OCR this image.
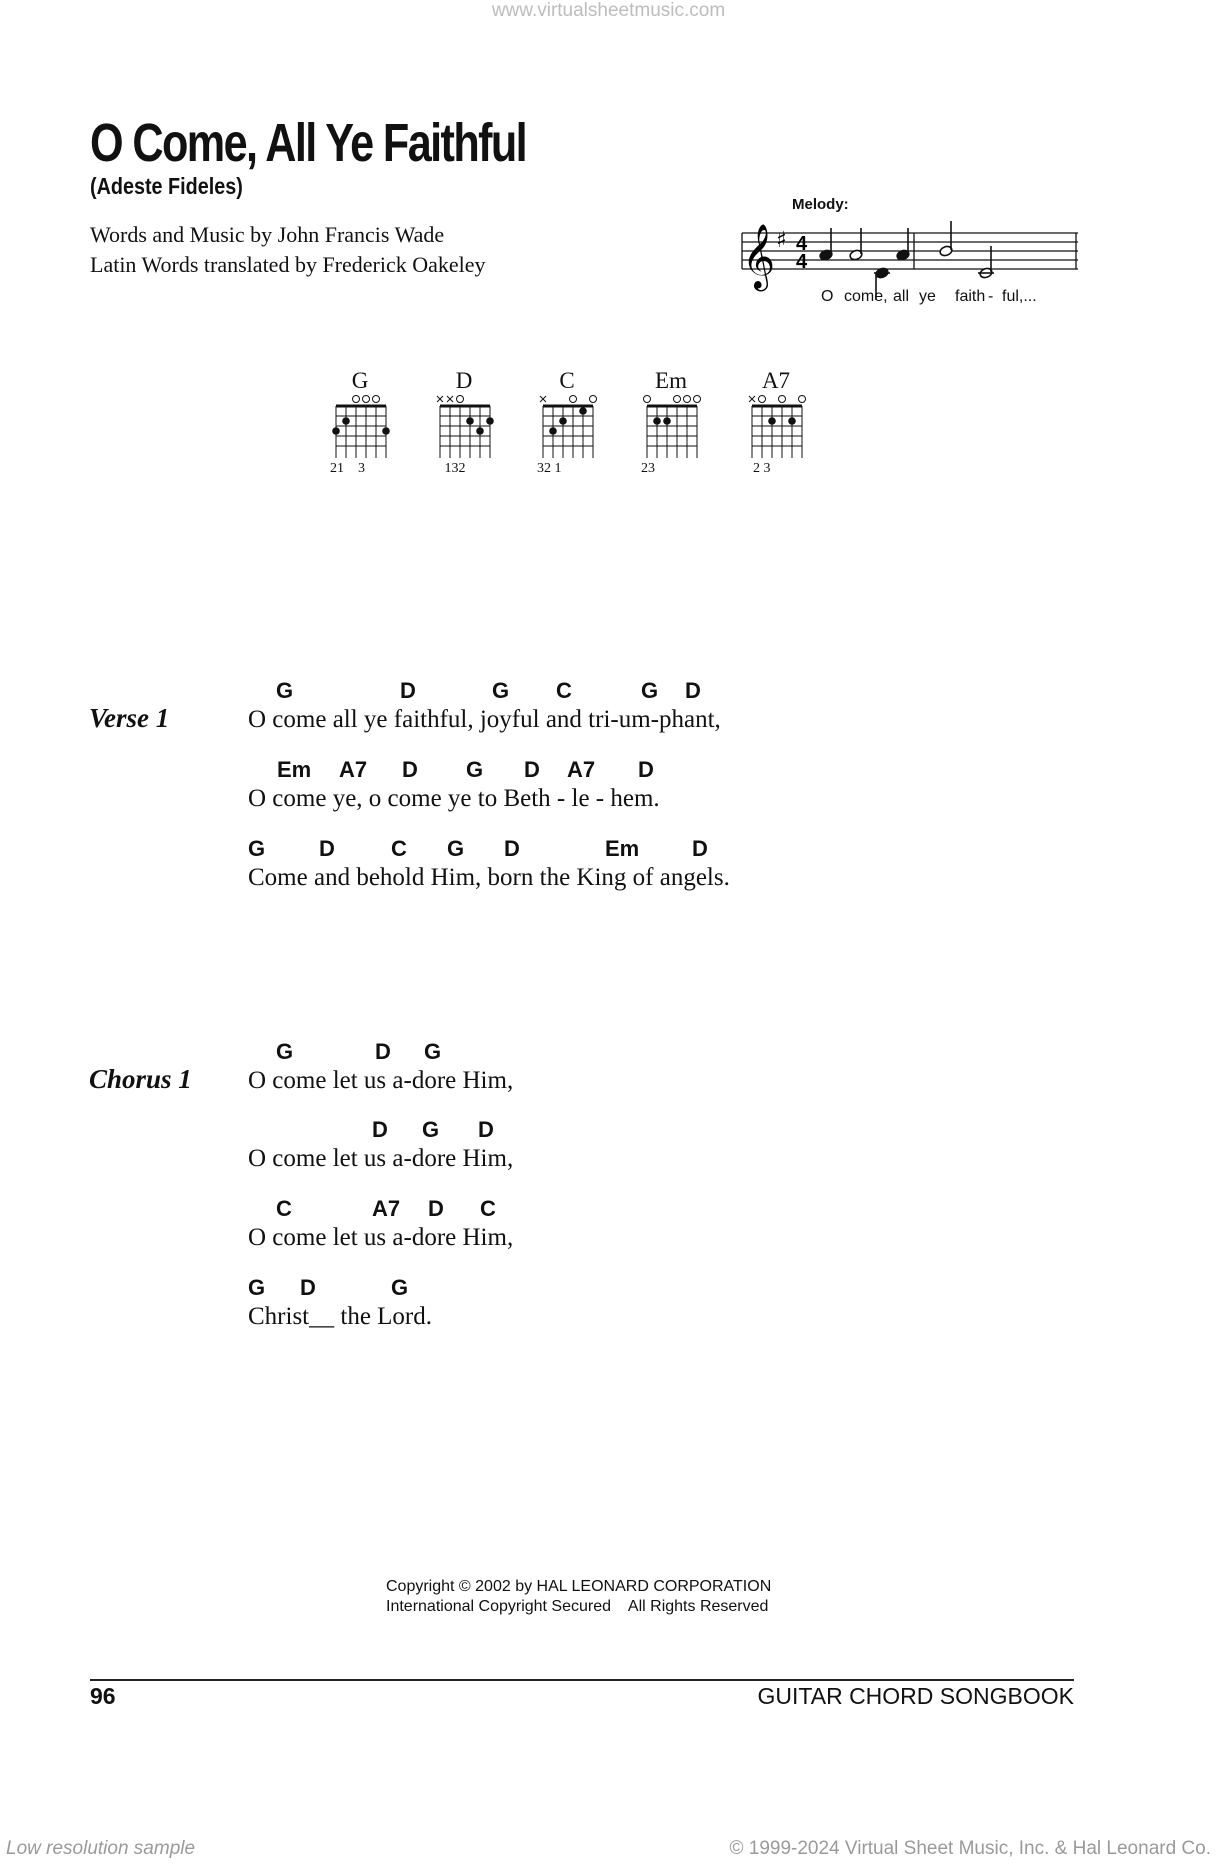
www.virtualsheetmusic.com
O Come, All Ye Faithful
(Adeste Fideles)
Words and Music by John Francis Wade
Latin Words translated by Frederick Oakeley
Melody:
𝄞 ♯ 4
4
O come, all ye faith - ful,...
G
21    3
D
132
C
32 1
Em
23
A7
2 3
Verse 1
G	D	G C	G D
O come all ye faithful, joyful and tri-um-phant,
Em A7 D G D A7 D
O come ye, o come ye to Beth - le - hem.
G D	C G D	Em D
Come and behold Him, born the King of angels.
Chorus 1
G	D G
O come let us a-dore Him,
D G D
O come let us a-dore Him,
C	A7 D C
O come let us a-dore Him,
G D	G
Christ__ the Lord.
Copyright © 2002 by HAL LEONARD CORPORATION
International Copyright Secured    All Rights Reserved
96	GUITAR CHORD SONGBOOK
Low resolution sample	© 1999-2024 Virtual Sheet Music, Inc. & Hal Leonard Co.
